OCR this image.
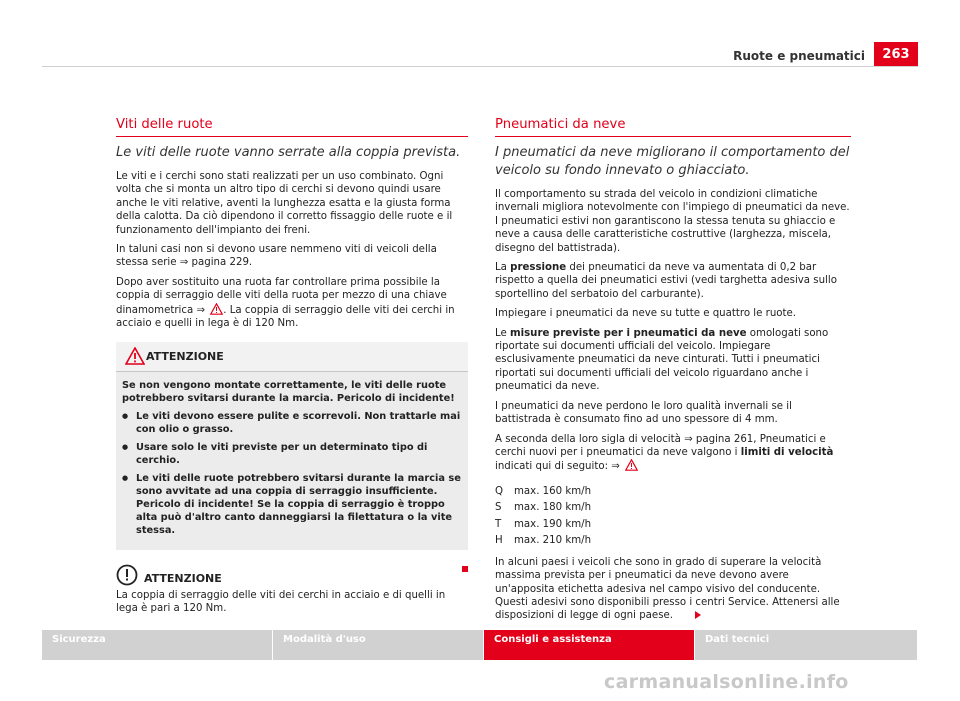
Ruote e pneumatici	263
Viti delle ruote
Le viti delle ruote vanno serrate alla coppia prevista.

Le viti e i cerchi sono stati realizzati per un uso combinato. Ogni volta che si monta un altro tipo di cerchi si devono quindi usare anche le viti relative, aventi la lunghezza esatta e la giusta forma della calotta. Da ciò dipendono il corretto fissaggio delle ruote e il funzionamento dell'impianto dei freni.

In taluni casi non si devono usare nemmeno viti di veicoli della stessa serie ⇒ pagina 229.

Dopo aver sostituito una ruota far controllare prima possibile la coppia di serraggio delle viti della ruota per mezzo di una chiave dinamometrica ⇒ . La coppia di serraggio delle viti dei cerchi in acciaio e quelli in lega è di 120 Nm.

ATTENZIONE

Se non vengono montate correttamente, le viti delle ruote potrebbero svitarsi durante la marcia. Pericolo di incidente!

● Le viti devono essere pulite e scorrevoli. Non trattarle mai con olio o grasso.

● Usare solo le viti previste per un determinato tipo di cerchio.

● Le viti delle ruote potrebbero svitarsi durante la marcia se sono avvitate ad una coppia di serraggio insufficiente. Pericolo di incidente! Se la coppia di serraggio è troppo alta può d'altro canto danneggiarsi la filettatura o la vite stessa.

ATTENZIONE
La coppia di serraggio delle viti dei cerchi in acciaio e di quelli in lega è pari a 120 Nm.
Pneumatici da neve
I pneumatici da neve migliorano il comportamento del veicolo su fondo innevato o ghiacciato.

Il comportamento su strada del veicolo in condizioni climatiche invernali migliora notevolmente con l'impiego di pneumatici da neve. I pneumatici estivi non garantiscono la stessa tenuta su ghiaccio e neve a causa delle caratteristiche costruttive (larghezza, miscela, disegno del battistrada).

La pressione dei pneumatici da neve va aumentata di 0,2 bar rispetto a quella dei pneumatici estivi (vedi targhetta adesiva sullo sportellino del serbatoio del carburante).

Impiegare i pneumatici da neve su tutte e quattro le ruote.

Le misure previste per i pneumatici da neve omologati sono riportate sui documenti ufficiali del veicolo. Impiegare esclusivamente pneumatici da neve cinturati. Tutti i pneumatici riportati sui documenti ufficiali del veicolo riguardano anche i pneumatici da neve.

I pneumatici da neve perdono le loro qualità invernali se il battistrada è consumato fino ad uno spessore di 4 mm.

A seconda della loro sigla di velocità ⇒ pagina 261, Pneumatici e cerchi nuovi per i pneumatici da neve valgono i limiti di velocità indicati qui di seguito: ⇒

Q	max. 160 km/h
S	max. 180 km/h
T	max. 190 km/h
H	max. 210 km/h

In alcuni paesi i veicoli che sono in grado di superare la velocità massima prevista per i pneumatici da neve devono avere un'apposita etichetta adesiva nel campo visivo del conducente. Questi adesivi sono disponibili presso i centri Service. Attenersi alle disposizioni di legge di ogni paese.

Sicurezza	Modalità d'uso	Consigli e assistenza	Dati tecnici
carmanualsonline.info
